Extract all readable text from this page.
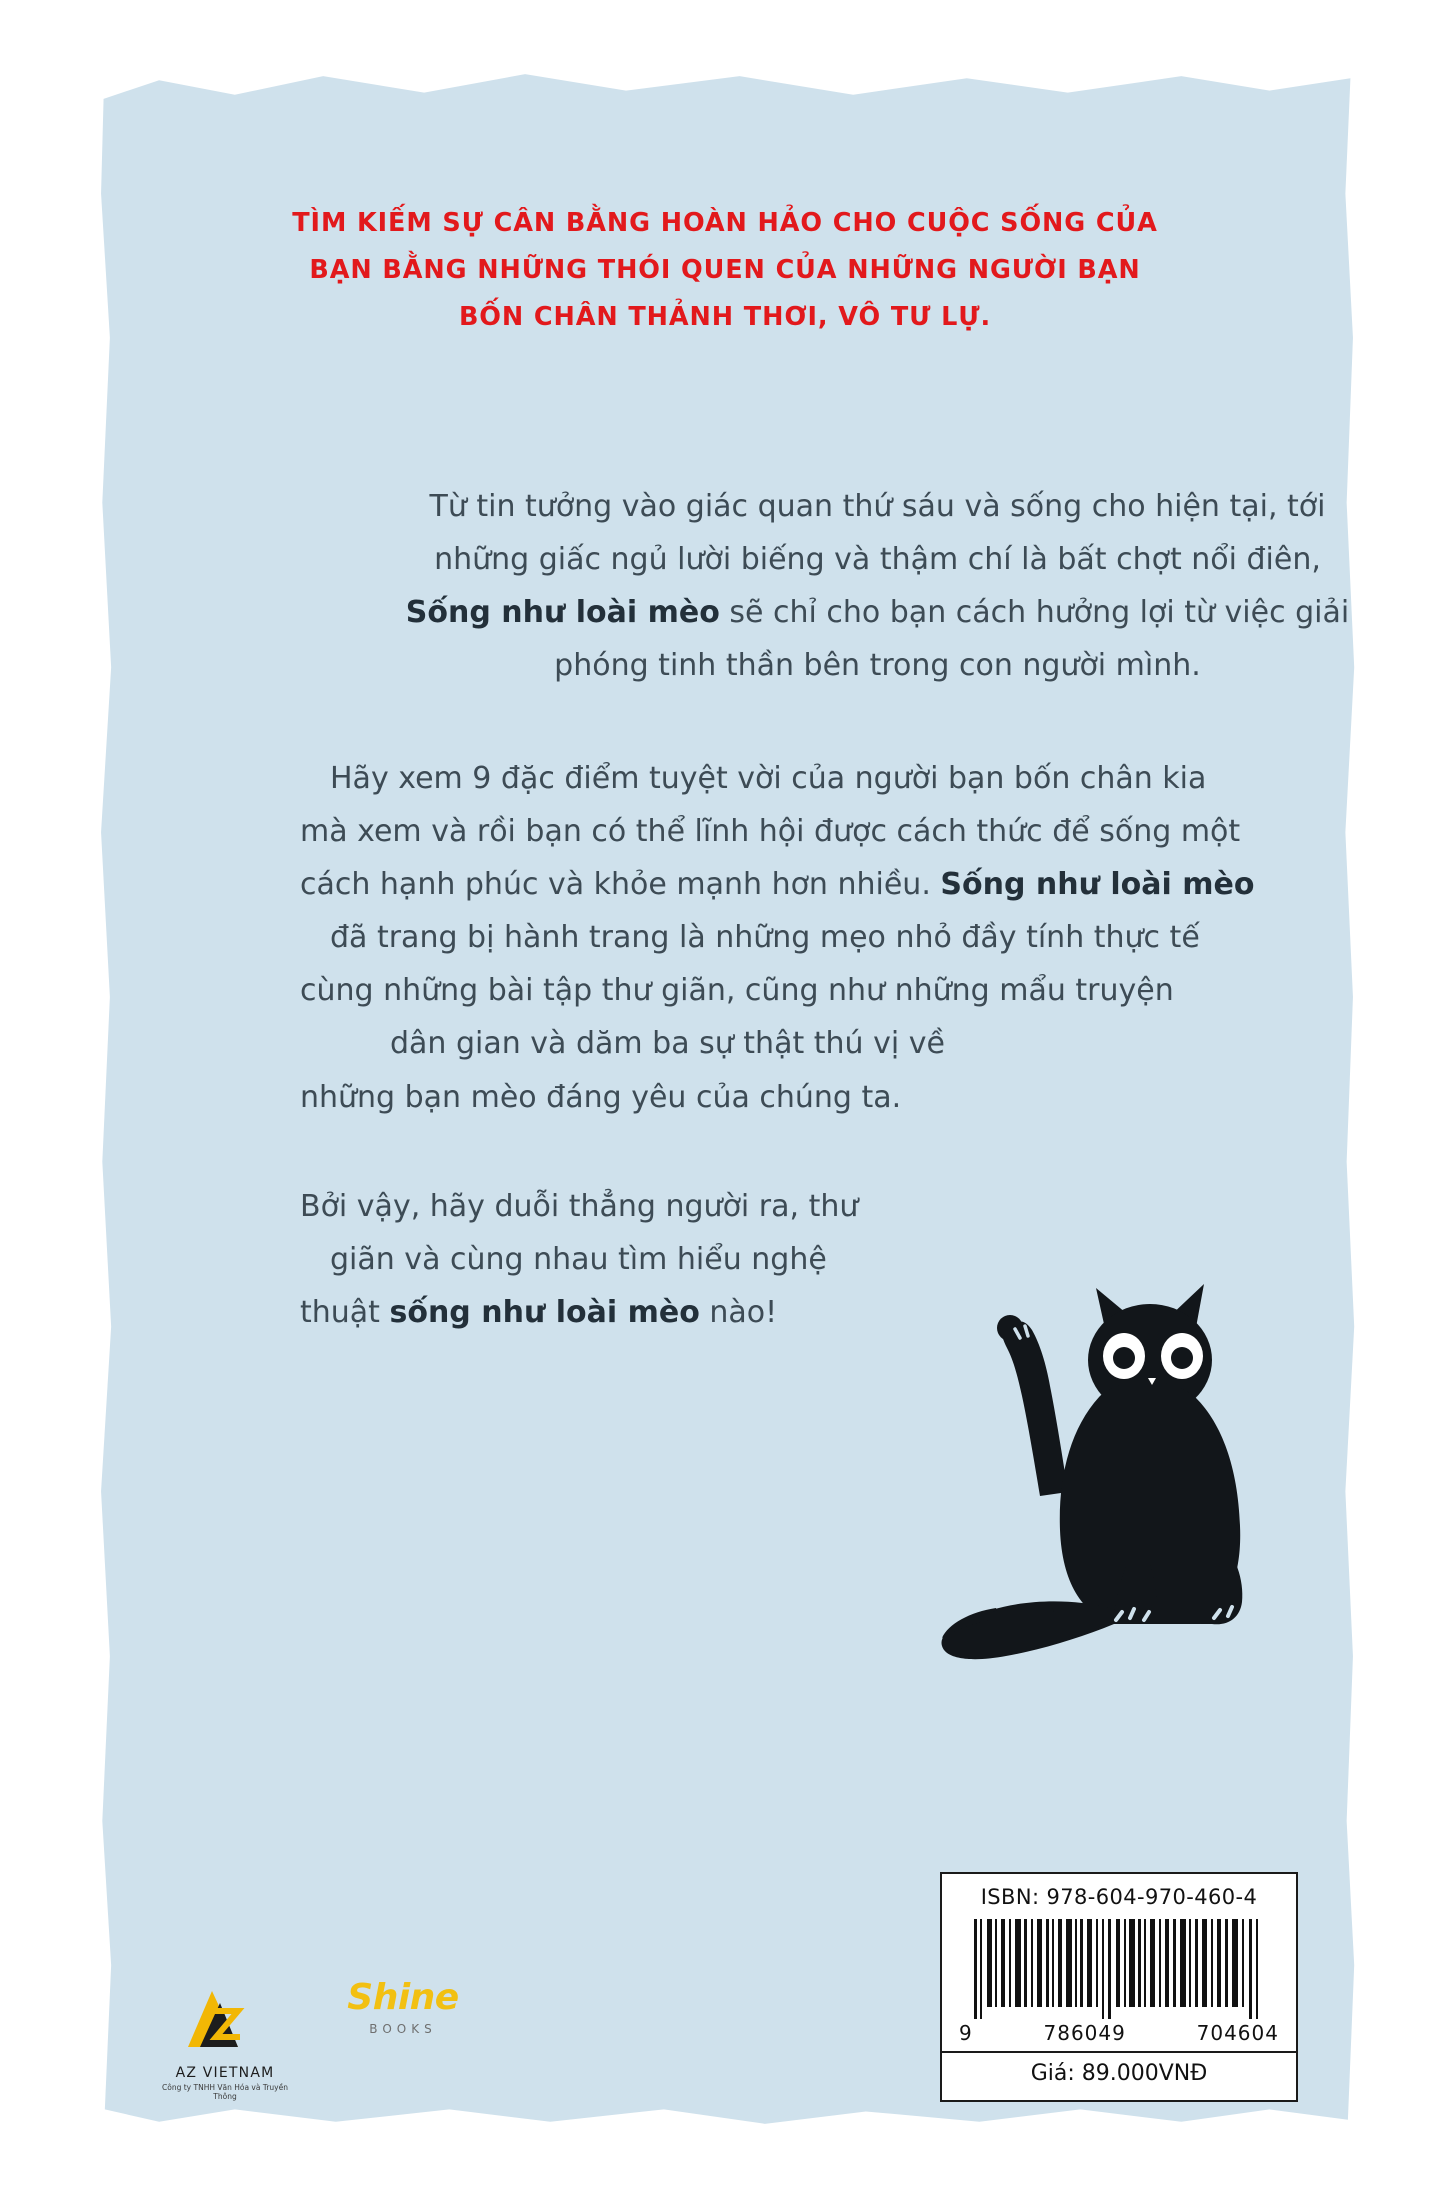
TÌM KIẾM SỰ CÂN BẰNG HOÀN HẢO CHO CUỘC SỐNG CỦA
BẠN BẰNG NHỮNG THÓI QUEN CỦA NHỮNG NGƯỜI BẠN
BỐN CHÂN THẢNH THƠI, VÔ TƯ LỰ.
Từ tin tưởng vào giác quan thứ sáu và sống cho hiện tại, tới
những giấc ngủ lười biếng và thậm chí là bất chợt nổi điên,
Sống như loài mèo sẽ chỉ cho bạn cách hưởng lợi từ việc giải
phóng tinh thần bên trong con người mình.
Hãy xem 9 đặc điểm tuyệt vời của người bạn bốn chân kia
mà xem và rồi bạn có thể lĩnh hội được cách thức để sống một
cách hạnh phúc và khỏe mạnh hơn nhiều. Sống như loài mèo
đã trang bị hành trang là những mẹo nhỏ đầy tính thực tế
cùng những bài tập thư giãn, cũng như những mẩu truyện
dân gian và dăm ba sự thật thú vị về
những bạn mèo đáng yêu của chúng ta.
Bởi vậy, hãy duỗi thẳng người ra, thư
giãn và cùng nhau tìm hiểu nghệ
thuật sống như loài mèo nào!
ISBN: 978-604-970-460-4
9	786049	704604
Giá: 89.000VNĐ
AZ VIETNAM
Công ty TNHH Văn Hóa và Truyền Thông
Shine
BOOKS
